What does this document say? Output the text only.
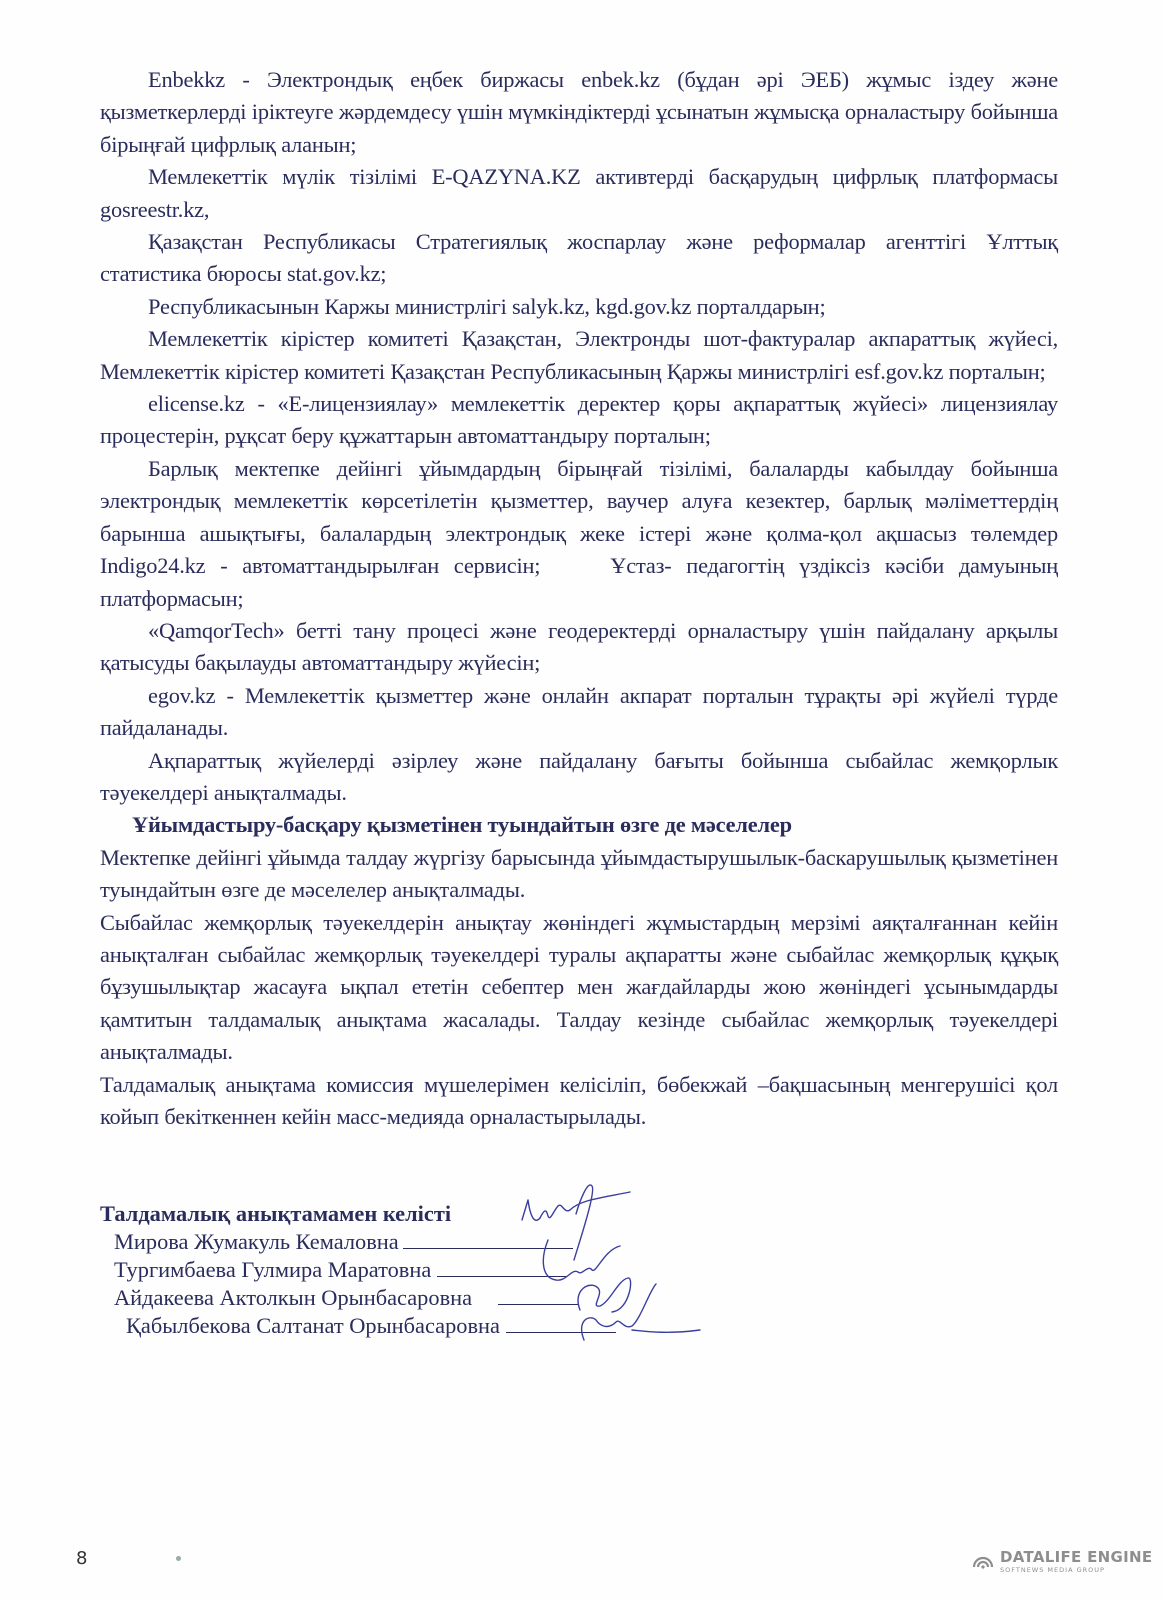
Enbekkz - Электрондық еңбек биржасы enbek.kz (бұдан әрі ЭЕБ) жұмыс іздеу және қызметкерлерді іріктеуге жәрдемдесу үшін мүмкіндіктерді ұсынатын жұмысқа орналастыру бойынша бірыңғай цифрлық аланын;

Мемлекеттік мүлік тізілімі E-QAZYNA.KZ активтерді басқарудың цифрлық платформасы gosreestr.kz,

Қазақстан Республикасы Стратегиялық жоспарлау және реформалар агенттігі Ұлттық статистика бюросы stat.gov.kz;

Республикасынын Каржы министрлігі salyk.kz, kgd.gov.kz порталдарын;

Мемлекеттік кірістер комитеті Қазақстан, Электронды шот-фактуралар акпараттық жүйесі, Мемлекеттік кірістер комитеті Қазақстан Республикасының Қаржы министрлігі esf.gov.kz порталын;

elicense.kz - «Е-лицензиялау» мемлекеттік деректер қоры ақпараттық жүйесі» лицензиялау процестерін, рұқсат беру құжаттарын автоматтандыру порталын;

Барлық мектепке дейінгі ұйымдардың бірыңғай тізілімі, балаларды кабылдау бойынша электрондық мемлекеттік көрсетілетін қызметтер, ваучер алуға кезектер, барлық мәліметтердің барынша ашықтығы, балалардың электрондық жеке істері және қолма-қол ақшасыз төлемдер Indigo24.kz - автоматтандырылған сервисін;	Ұстаз- педагогтің үздіксіз кәсіби дамуының платформасын;

«QamqorTech» бетті тану процесі және геодеректерді орналастыру үшін пайдалану арқылы қатысуды бақылауды автоматтандыру жүйесін;

egov.kz - Мемлекеттік қызметтер және онлайн акпарат порталын тұрақты әрі жүйелі түрде пайдаланады.

Ақпараттық жүйелерді әзірлеу және пайдалану бағыты бойынша сыбайлас жемқорлык тәуекелдері анықталмады.

Ұйымдастыру-басқару қызметінен туындайтын өзге де мәселелер

Мектепке дейінгі ұйымда талдау жүргізу барысында ұйымдастырушылык-баскарушылық қызметінен туындайтын өзге де мәселелер анықталмады.

Сыбайлас жемқорлық тәуекелдерін анықтау жөніндегі жұмыстардың мерзімі аяқталғаннан кейін анықталған сыбайлас жемқорлық тәуекелдері туралы ақпаратты және сыбайлас жемқорлық құқық бұзушылықтар жасауға ықпал ететін себептер мен жағдайларды жою жөніндегі ұсынымдарды қамтитын талдамалық анықтама жасалады. Талдау кезінде сыбайлас жемқорлық тәуекелдері анықталмады.

Талдамалық анықтама комиссия мүшелерімен келісіліп, бөбекжай –бақшасының менгерушісі қол койып бекіткеннен кейін масс-медияда орналастырылады.

Талдамалық анықтамамен келісті

Мирова Жумакуль Кемаловна

Тургимбаева Гулмира Маратовна

Айдакеева Актолкын Орынбасаровна

Қабылбекова Салтанат Орынбасаровна

8	DATALIFE ENGINE
SOFTNEWS MEDIA GROUP
